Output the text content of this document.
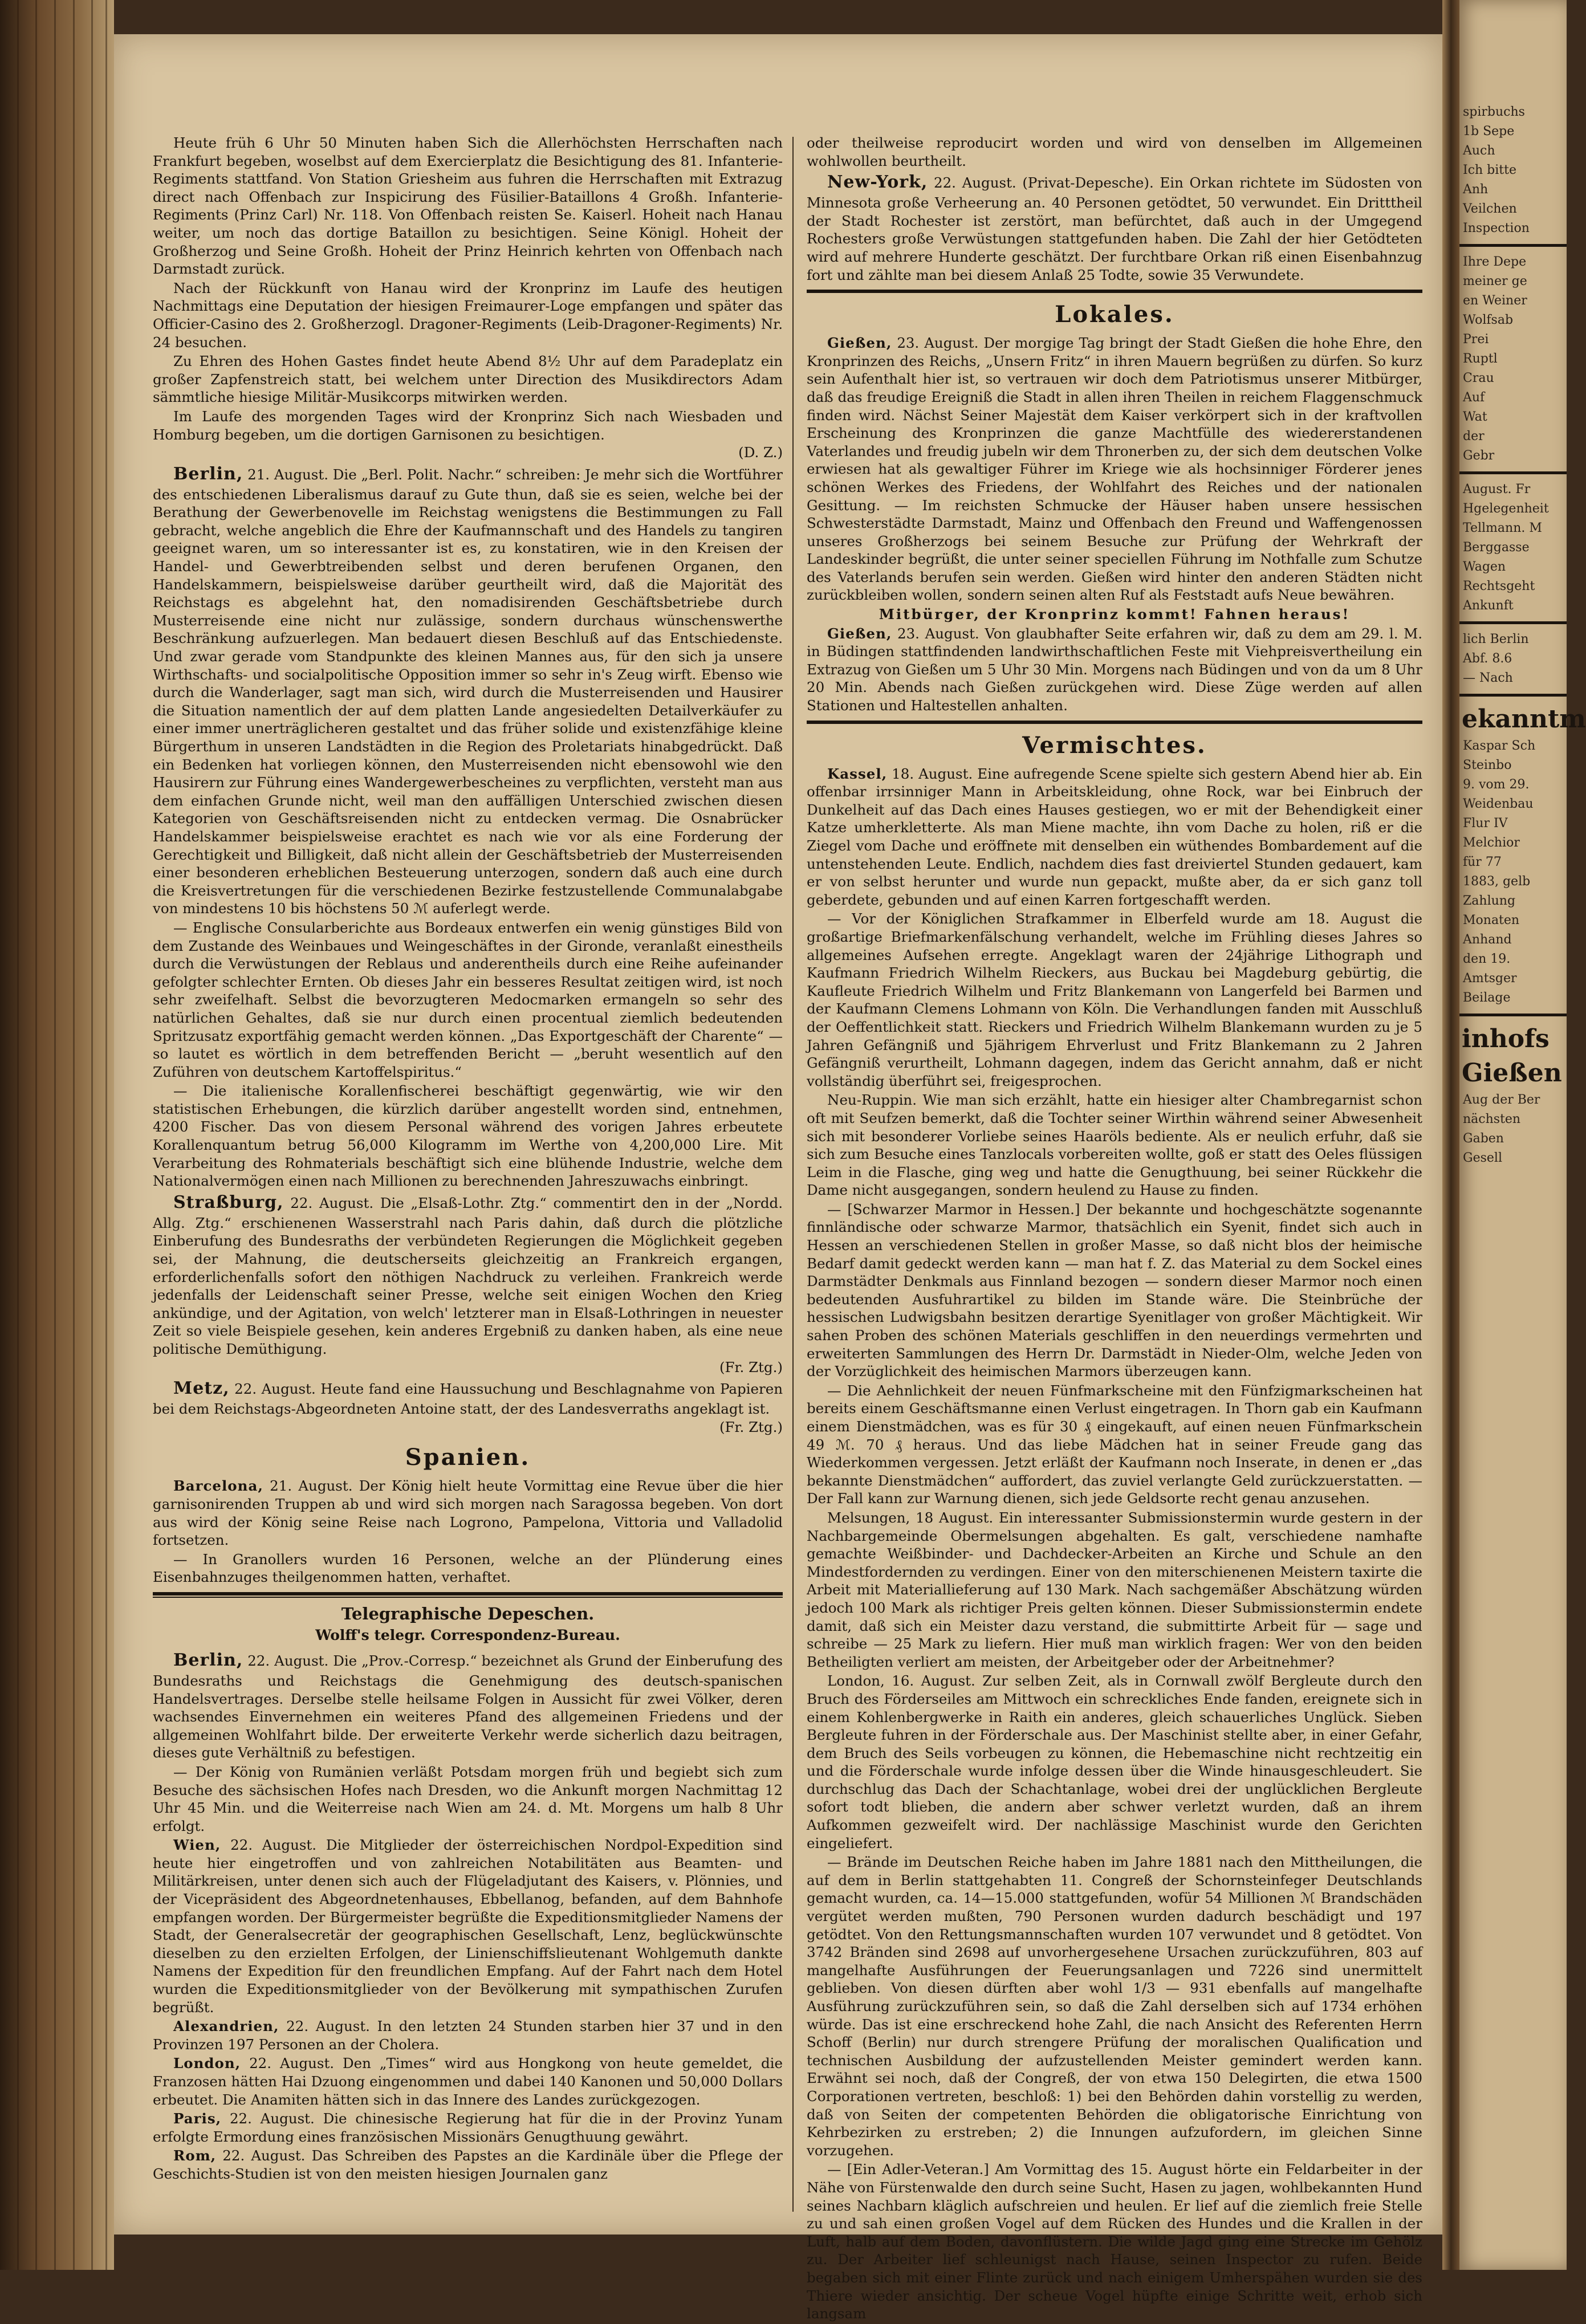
Heute früh 6 Uhr 50 Minuten haben Sich die Allerhöchsten Herrschaften nach Frankfurt begeben, woselbst auf dem Exercierplatz die Besichtigung des 81. Infanterie-Regiments stattfand. Von Station Griesheim aus fuhren die Herrschaften mit Extrazug direct nach Offenbach zur Inspicirung des Füsilier-Bataillons 4 Großh. Infanterie-Regiments (Prinz Carl) Nr. 118. Von Offenbach reisten Se. Kaiserl. Hoheit nach Hanau weiter, um noch das dortige Bataillon zu besichtigen. Seine Königl. Hoheit der Großherzog und Seine Großh. Hoheit der Prinz Heinrich kehrten von Offenbach nach Darmstadt zurück.

Nach der Rückkunft von Hanau wird der Kronprinz im Laufe des heutigen Nachmittags eine Deputation der hiesigen Freimaurer-Loge empfangen und später das Officier-Casino des 2. Großherzogl. Dragoner-Regiments (Leib-Dragoner-Regiments) Nr. 24 besuchen.

Zu Ehren des Hohen Gastes findet heute Abend 8½ Uhr auf dem Paradeplatz ein großer Zapfenstreich statt, bei welchem unter Direction des Musikdirectors Adam sämmtliche hiesige Militär-Musikcorps mitwirken werden.

Im Laufe des morgenden Tages wird der Kronprinz Sich nach Wiesbaden und Homburg begeben, um die dortigen Garnisonen zu besichtigen.
(D. Z.)

Berlin, 21. August. Die „Berl. Polit. Nachr.“ schreiben: Je mehr sich die Wortführer des entschiedenen Liberalismus darauf zu Gute thun, daß sie es seien, welche bei der Berathung der Gewerbenovelle im Reichstag wenigstens die Bestimmungen zu Fall gebracht, welche angeblich die Ehre der Kaufmannschaft und des Handels zu tangiren geeignet waren, um so interessanter ist es, zu konstatiren, wie in den Kreisen der Handel- und Gewerbtreibenden selbst und deren berufenen Organen, den Handelskammern, beispielsweise darüber geurtheilt wird, daß die Majorität des Reichstags es abgelehnt hat, den nomadisirenden Geschäftsbetriebe durch Musterreisende eine nicht nur zulässige, sondern durchaus wünschenswerthe Beschränkung aufzuerlegen. Man bedauert diesen Beschluß auf das Entschiedenste. Und zwar gerade vom Standpunkte des kleinen Mannes aus, für den sich ja unsere Wirthschafts- und socialpolitische Opposition immer so sehr in's Zeug wirft. Ebenso wie durch die Wanderlager, sagt man sich, wird durch die Musterreisenden und Hausirer die Situation namentlich der auf dem platten Lande angesiedelten Detailverkäufer zu einer immer unerträglicheren gestaltet und das früher solide und existenzfähige kleine Bürgerthum in unseren Landstädten in die Region des Proletariats hinabgedrückt. Daß ein Bedenken hat vorliegen können, den Musterreisenden nicht ebensowohl wie den Hausirern zur Führung eines Wandergewerbescheines zu verpflichten, versteht man aus dem einfachen Grunde nicht, weil man den auffälligen Unterschied zwischen diesen Kategorien von Geschäftsreisenden nicht zu entdecken vermag. Die Osnabrücker Handelskammer beispielsweise erachtet es nach wie vor als eine Forderung der Gerechtigkeit und Billigkeit, daß nicht allein der Geschäftsbetrieb der Musterreisenden einer besonderen erheblichen Besteuerung unterzogen, sondern daß auch eine durch die Kreisvertretungen für die verschiedenen Bezirke festzustellende Communalabgabe von mindestens 10 bis höchstens 50 ℳ auferlegt werde.

— Englische Consularberichte aus Bordeaux entwerfen ein wenig günstiges Bild von dem Zustande des Weinbaues und Weingeschäftes in der Gironde, veranlaßt einestheils durch die Verwüstungen der Reblaus und anderentheils durch eine Reihe aufeinander gefolgter schlechter Ernten. Ob dieses Jahr ein besseres Resultat zeitigen wird, ist noch sehr zweifelhaft. Selbst die bevorzugteren Medocmarken ermangeln so sehr des natürlichen Gehaltes, daß sie nur durch einen procentual ziemlich bedeutenden Spritzusatz exportfähig gemacht werden können. „Das Exportgeschäft der Charente“ — so lautet es wörtlich in dem betreffenden Bericht — „beruht wesentlich auf den Zuführen von deutschem Kartoffelspiritus.“

— Die italienische Korallenfischerei beschäftigt gegenwärtig, wie wir den statistischen Erhebungen, die kürzlich darüber angestellt worden sind, entnehmen, 4200 Fischer. Das von diesem Personal während des vorigen Jahres erbeutete Korallenquantum betrug 56,000 Kilogramm im Werthe von 4,200,000 Lire. Mit Verarbeitung des Rohmaterials beschäftigt sich eine blühende Industrie, welche dem Nationalvermögen einen nach Millionen zu berechnenden Jahreszuwachs einbringt.

Straßburg, 22. August. Die „Elsaß-Lothr. Ztg.“ commentirt den in der „Nordd. Allg. Ztg.“ erschienenen Wasserstrahl nach Paris dahin, daß durch die plötzliche Einberufung des Bundesraths der verbündeten Regierungen die Möglichkeit gegeben sei, der Mahnung, die deutscherseits gleichzeitig an Frankreich ergangen, erforderlichenfalls sofort den nöthigen Nachdruck zu verleihen. Frankreich werde jedenfalls der Leidenschaft seiner Presse, welche seit einigen Wochen den Krieg ankündige, und der Agitation, von welch' letzterer man in Elsaß-Lothringen in neuester Zeit so viele Beispiele gesehen, kein anderes Ergebniß zu danken haben, als eine neue politische Demüthigung.
(Fr. Ztg.)

Metz, 22. August. Heute fand eine Haussuchung und Beschlagnahme von Papieren bei dem Reichstags-Abgeordneten Antoine statt, der des Landesverraths angeklagt ist.
(Fr. Ztg.)

Spanien.

Barcelona, 21. August. Der König hielt heute Vormittag eine Revue über die hier garnisonirenden Truppen ab und wird sich morgen nach Saragossa begeben. Von dort aus wird der König seine Reise nach Logrono, Pampelona, Vittoria und Valladolid fortsetzen.

— In Granollers wurden 16 Personen, welche an der Plünderung eines Eisenbahnzuges theilgenommen hatten, verhaftet.

Telegraphische Depeschen.
Wolff's telegr. Correspondenz-Bureau.

Berlin, 22. August. Die „Prov.-Corresp.“ bezeichnet als Grund der Einberufung des Bundesraths und Reichstags die Genehmigung des deutsch-spanischen Handelsvertrages. Derselbe stelle heilsame Folgen in Aussicht für zwei Völker, deren wachsendes Einvernehmen ein weiteres Pfand des allgemeinen Friedens und der allgemeinen Wohlfahrt bilde. Der erweiterte Verkehr werde sicherlich dazu beitragen, dieses gute Verhältniß zu befestigen.

— Der König von Rumänien verläßt Potsdam morgen früh und begiebt sich zum Besuche des sächsischen Hofes nach Dresden, wo die Ankunft morgen Nachmittag 12 Uhr 45 Min. und die Weiterreise nach Wien am 24. d. Mt. Morgens um halb 8 Uhr erfolgt.

Wien, 22. August. Die Mitglieder der österreichischen Nordpol-Expedition sind heute hier eingetroffen und von zahlreichen Notabilitäten aus Beamten- und Militärkreisen, unter denen sich auch der Flügeladjutant des Kaisers, v. Plönnies, und der Vicepräsident des Abgeordnetenhauses, Ebbellanog, befanden, auf dem Bahnhofe empfangen worden. Der Bürgermeister begrüßte die Expeditionsmitglieder Namens der Stadt, der Generalsecretär der geographischen Gesellschaft, Lenz, beglückwünschte dieselben zu den erzielten Erfolgen, der Linienschiffslieutenant Wohlgemuth dankte Namens der Expedition für den freundlichen Empfang. Auf der Fahrt nach dem Hotel wurden die Expeditionsmitglieder von der Bevölkerung mit sympathischen Zurufen begrüßt.

Alexandrien, 22. August. In den letzten 24 Stunden starben hier 37 und in den Provinzen 197 Personen an der Cholera.

London, 22. August. Den „Times“ wird aus Hongkong von heute gemeldet, die Franzosen hätten Hai Dzuong eingenommen und dabei 140 Kanonen und 50,000 Dollars erbeutet. Die Anamiten hätten sich in das Innere des Landes zurückgezogen.

Paris, 22. August. Die chinesische Regierung hat für die in der Provinz Yunam erfolgte Ermordung eines französischen Missionärs Genugthuung gewährt.

Rom, 22. August. Das Schreiben des Papstes an die Kardinäle über die Pflege der Geschichts-Studien ist von den meisten hiesigen Journalen ganz

oder theilweise reproducirt worden und wird von denselben im Allgemeinen wohlwollen beurtheilt.

New-York, 22. August. (Privat-Depesche). Ein Orkan richtete im Südosten von Minnesota große Verheerung an. 40 Personen getödtet, 50 verwundet. Ein Dritttheil der Stadt Rochester ist zerstört, man befürchtet, daß auch in der Umgegend Rochesters große Verwüstungen stattgefunden haben. Die Zahl der hier Getödteten wird auf mehrere Hunderte geschätzt. Der furchtbare Orkan riß einen Eisenbahnzug fort und zählte man bei diesem Anlaß 25 Todte, sowie 35 Verwundete.

Lokales.

Gießen, 23. August. Der morgige Tag bringt der Stadt Gießen die hohe Ehre, den Kronprinzen des Reichs, „Unsern Fritz“ in ihren Mauern begrüßen zu dürfen. So kurz sein Aufenthalt hier ist, so vertrauen wir doch dem Patriotismus unserer Mitbürger, daß das freudige Ereigniß die Stadt in allen ihren Theilen in reichem Flaggenschmuck finden wird. Nächst Seiner Majestät dem Kaiser verkörpert sich in der kraftvollen Erscheinung des Kronprinzen die ganze Machtfülle des wiedererstandenen Vaterlandes und freudig jubeln wir dem Thronerben zu, der sich dem deutschen Volke erwiesen hat als gewaltiger Führer im Kriege wie als hochsinniger Förderer jenes schönen Werkes des Friedens, der Wohlfahrt des Reiches und der nationalen Gesittung. — Im reichsten Schmucke der Häuser haben unsere hessischen Schwesterstädte Darmstadt, Mainz und Offenbach den Freund und Waffengenossen unseres Großherzogs bei seinem Besuche zur Prüfung der Wehrkraft der Landeskinder begrüßt, die unter seiner speciellen Führung im Nothfalle zum Schutze des Vaterlands berufen sein werden. Gießen wird hinter den anderen Städten nicht zurückbleiben wollen, sondern seinen alten Ruf als Feststadt aufs Neue bewähren.

Mitbürger, der Kronprinz kommt! Fahnen heraus!

Gießen, 23. August. Von glaubhafter Seite erfahren wir, daß zu dem am 29. l. M. in Büdingen stattfindenden landwirthschaftlichen Feste mit Viehpreisvertheilung ein Extrazug von Gießen um 5 Uhr 30 Min. Morgens nach Büdingen und von da um 8 Uhr 20 Min. Abends nach Gießen zurückgehen wird. Diese Züge werden auf allen Stationen und Haltestellen anhalten.

Vermischtes.

Kassel, 18. August. Eine aufregende Scene spielte sich gestern Abend hier ab. Ein offenbar irrsinniger Mann in Arbeitskleidung, ohne Rock, war bei Einbruch der Dunkelheit auf das Dach eines Hauses gestiegen, wo er mit der Behendigkeit einer Katze umherkletterte. Als man Miene machte, ihn vom Dache zu holen, riß er die Ziegel vom Dache und eröffnete mit denselben ein wüthendes Bombardement auf die untenstehenden Leute. Endlich, nachdem dies fast dreiviertel Stunden gedauert, kam er von selbst herunter und wurde nun gepackt, mußte aber, da er sich ganz toll geberdete, gebunden und auf einen Karren fortgeschafft werden.

— Vor der Königlichen Strafkammer in Elberfeld wurde am 18. August die großartige Briefmarkenfälschung verhandelt, welche im Frühling dieses Jahres so allgemeines Aufsehen erregte. Angeklagt waren der 24jährige Lithograph und Kaufmann Friedrich Wilhelm Rieckers, aus Buckau bei Magdeburg gebürtig, die Kaufleute Friedrich Wilhelm und Fritz Blankemann von Langerfeld bei Barmen und der Kaufmann Clemens Lohmann von Köln. Die Verhandlungen fanden mit Ausschluß der Oeffentlichkeit statt. Rieckers und Friedrich Wilhelm Blankemann wurden zu je 5 Jahren Gefängniß und 5jährigem Ehrverlust und Fritz Blankemann zu 2 Jahren Gefängniß verurtheilt, Lohmann dagegen, indem das Gericht annahm, daß er nicht vollständig überführt sei, freigesprochen.

Neu-Ruppin. Wie man sich erzählt, hatte ein hiesiger alter Chambregarnist schon oft mit Seufzen bemerkt, daß die Tochter seiner Wirthin während seiner Abwesenheit sich mit besonderer Vorliebe seines Haaröls bediente. Als er neulich erfuhr, daß sie sich zum Besuche eines Tanzlocals vorbereiten wollte, goß er statt des Oeles flüssigen Leim in die Flasche, ging weg und hatte die Genugthuung, bei seiner Rückkehr die Dame nicht ausgegangen, sondern heulend zu Hause zu finden.

— [Schwarzer Marmor in Hessen.] Der bekannte und hochgeschätzte sogenannte finnländische oder schwarze Marmor, thatsächlich ein Syenit, findet sich auch in Hessen an verschiedenen Stellen in großer Masse, so daß nicht blos der heimische Bedarf damit gedeckt werden kann — man hat f. Z. das Material zu dem Sockel eines Darmstädter Denkmals aus Finnland bezogen — sondern dieser Marmor noch einen bedeutenden Ausfuhrartikel zu bilden im Stande wäre. Die Steinbrüche der hessischen Ludwigsbahn besitzen derartige Syenitlager von großer Mächtigkeit. Wir sahen Proben des schönen Materials geschliffen in den neuerdings vermehrten und erweiterten Sammlungen des Herrn Dr. Darmstädt in Nieder-Olm, welche Jeden von der Vorzüglichkeit des heimischen Marmors überzeugen kann.

— Die Aehnlichkeit der neuen Fünfmarkscheine mit den Fünfzigmarkscheinen hat bereits einem Geschäftsmanne einen Verlust eingetragen. In Thorn gab ein Kaufmann einem Dienstmädchen, was es für 30 ₰ eingekauft, auf einen neuen Fünfmarkschein 49 ℳ. 70 ₰ heraus. Und das liebe Mädchen hat in seiner Freude gang das Wiederkommen vergessen. Jetzt erläßt der Kaufmann noch Inserate, in denen er „das bekannte Dienstmädchen“ auffordert, das zuviel verlangte Geld zurückzuerstatten. — Der Fall kann zur Warnung dienen, sich jede Geldsorte recht genau anzusehen.

Melsungen, 18 August. Ein interessanter Submissionstermin wurde gestern in der Nachbargemeinde Obermelsungen abgehalten. Es galt, verschiedene namhafte gemachte Weißbinder- und Dachdecker-Arbeiten an Kirche und Schule an den Mindestfordernden zu verdingen. Einer von den miterschienenen Meistern taxirte die Arbeit mit Materiallieferung auf 130 Mark. Nach sachgemäßer Abschätzung würden jedoch 100 Mark als richtiger Preis gelten können. Dieser Submissionstermin endete damit, daß sich ein Meister dazu verstand, die submittirte Arbeit für — sage und schreibe — 25 Mark zu liefern. Hier muß man wirklich fragen: Wer von den beiden Betheiligten verliert am meisten, der Arbeitgeber oder der Arbeitnehmer?

London, 16. August. Zur selben Zeit, als in Cornwall zwölf Bergleute durch den Bruch des Förderseiles am Mittwoch ein schreckliches Ende fanden, ereignete sich in einem Kohlenbergwerke in Raith ein anderes, gleich schauerliches Unglück. Sieben Bergleute fuhren in der Förderschale aus. Der Maschinist stellte aber, in einer Gefahr, dem Bruch des Seils vorbeugen zu können, die Hebemaschine nicht rechtzeitig ein und die Förderschale wurde infolge dessen über die Winde hinausgeschleudert. Sie durchschlug das Dach der Schachtanlage, wobei drei der unglücklichen Bergleute sofort todt blieben, die andern aber schwer verletzt wurden, daß an ihrem Aufkommen gezweifelt wird. Der nachlässige Maschinist wurde den Gerichten eingeliefert.

— Brände im Deutschen Reiche haben im Jahre 1881 nach den Mittheilungen, die auf dem in Berlin stattgehabten 11. Congreß der Schornsteinfeger Deutschlands gemacht wurden, ca. 14—15.000 stattgefunden, wofür 54 Millionen ℳ Brandschäden vergütet werden mußten, 790 Personen wurden dadurch beschädigt und 197 getödtet. Von den Rettungsmannschaften wurden 107 verwundet und 8 getödtet. Von 3742 Bränden sind 2698 auf unvorhergesehene Ursachen zurückzuführen, 803 auf mangelhafte Ausführungen der Feuerungsanlagen und 7226 sind unermittelt geblieben. Von diesen dürften aber wohl 1/3 — 931 ebenfalls auf mangelhafte Ausführung zurückzuführen sein, so daß die Zahl derselben sich auf 1734 erhöhen würde. Das ist eine erschreckend hohe Zahl, die nach Ansicht des Referenten Herrn Schoff (Berlin) nur durch strengere Prüfung der moralischen Qualification und technischen Ausbildung der aufzustellenden Meister gemindert werden kann. Erwähnt sei noch, daß der Congreß, der von etwa 150 Delegirten, die etwa 1500 Corporationen vertreten, beschloß: 1) bei den Behörden dahin vorstellig zu werden, daß von Seiten der competenten Behörden die obligatorische Einrichtung von Kehrbezirken zu erstreben; 2) die Innungen aufzufordern, im gleichen Sinne vorzugehen.

— [Ein Adler-Veteran.] Am Vormittag des 15. August hörte ein Feldarbeiter in der Nähe von Fürstenwalde den durch seine Sucht, Hasen zu jagen, wohlbekannten Hund seines Nachbarn kläglich aufschreien und heulen. Er lief auf die ziemlich freie Stelle zu und sah einen großen Vogel auf dem Rücken des Hundes und die Krallen in der Luft, halb auf dem Boden, davonflüstern. Die wilde Jagd ging eine Strecke im Gehölz zu. Der Arbeiter lief schleunigst nach Hause, seinen Inspector zu rufen. Beide begaben sich mit einer Flinte zurück und nach einigem Umherspähen wurden sie des Thiere wieder ansichtig. Der scheue Vogel hüpfte einige Schritte weit, erhob sich langsam

spirbuchs

1b Sepe

Auch

Ich bitte

Anh

Veilchen

Inspection

Ihre Depe

meiner ge

en Weiner

Wolfsab

Prei

Ruptl

Crau

Auf

Wat

der

Gebr

August. Fr

Hgelegenheit

Tellmann. M

Berggasse

Wagen

Rechtsgeht

Ankunft

lich Berlin

Abf. 8.6

— Nach

ekanntm

Kaspar Sch

Steinbo

9. vom 29.

Weidenbau

Flur IV

Melchior

für 77

1883, gelb

Zahlung

Monaten

Anhand

den 19.

Amtsger

Beilage

inhofs
Gießen

Aug der Ber

nächsten

Gaben

Gesell
